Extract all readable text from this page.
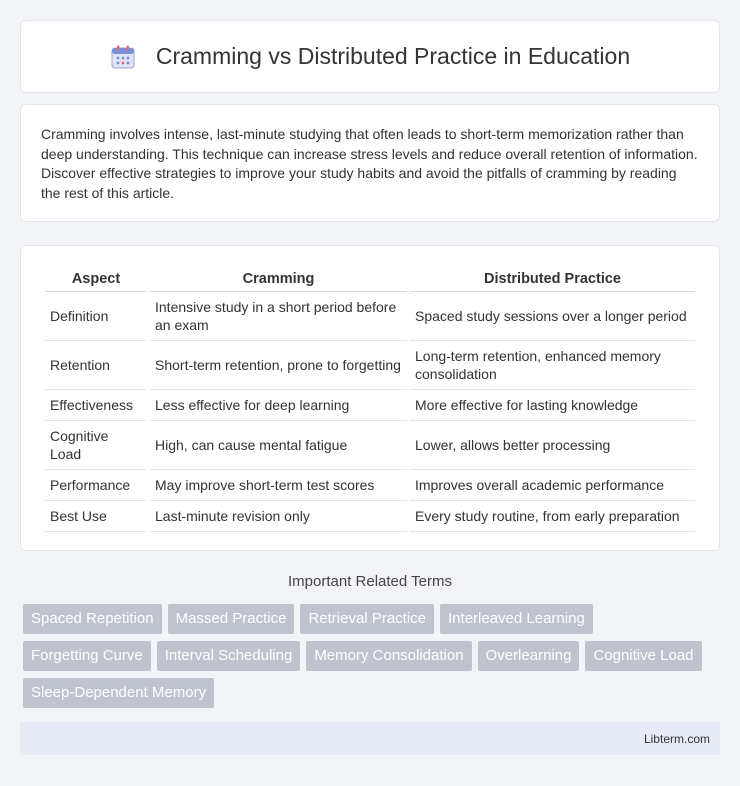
Cramming vs Distributed Practice in Education

Cramming involves intense, last-minute studying that often leads to short-term memorization rather than deep understanding. This technique can increase stress levels and reduce overall retention of information. Discover effective strategies to improve your study habits and avoid the pitfalls of cramming by reading the rest of this article.

Aspect	Cramming	Distributed Practice
Definition	Intensive study in a short period before an exam	Spaced study sessions over a longer period
Retention	Short-term retention, prone to forgetting	Long-term retention, enhanced memory consolidation
Effectiveness	Less effective for deep learning	More effective for lasting knowledge
Cognitive Load	High, can cause mental fatigue	Lower, allows better processing
Performance	May improve short-term test scores	Improves overall academic performance
Best Use	Last-minute revision only	Every study routine, from early preparation
Important Related Terms
Spaced Repetition	Massed Practice	Retrieval Practice	Interleaved Learning
Forgetting Curve	Interval Scheduling	Memory Consolidation	Overlearning	Cognitive Load
Sleep-Dependent Memory
Libterm.com
